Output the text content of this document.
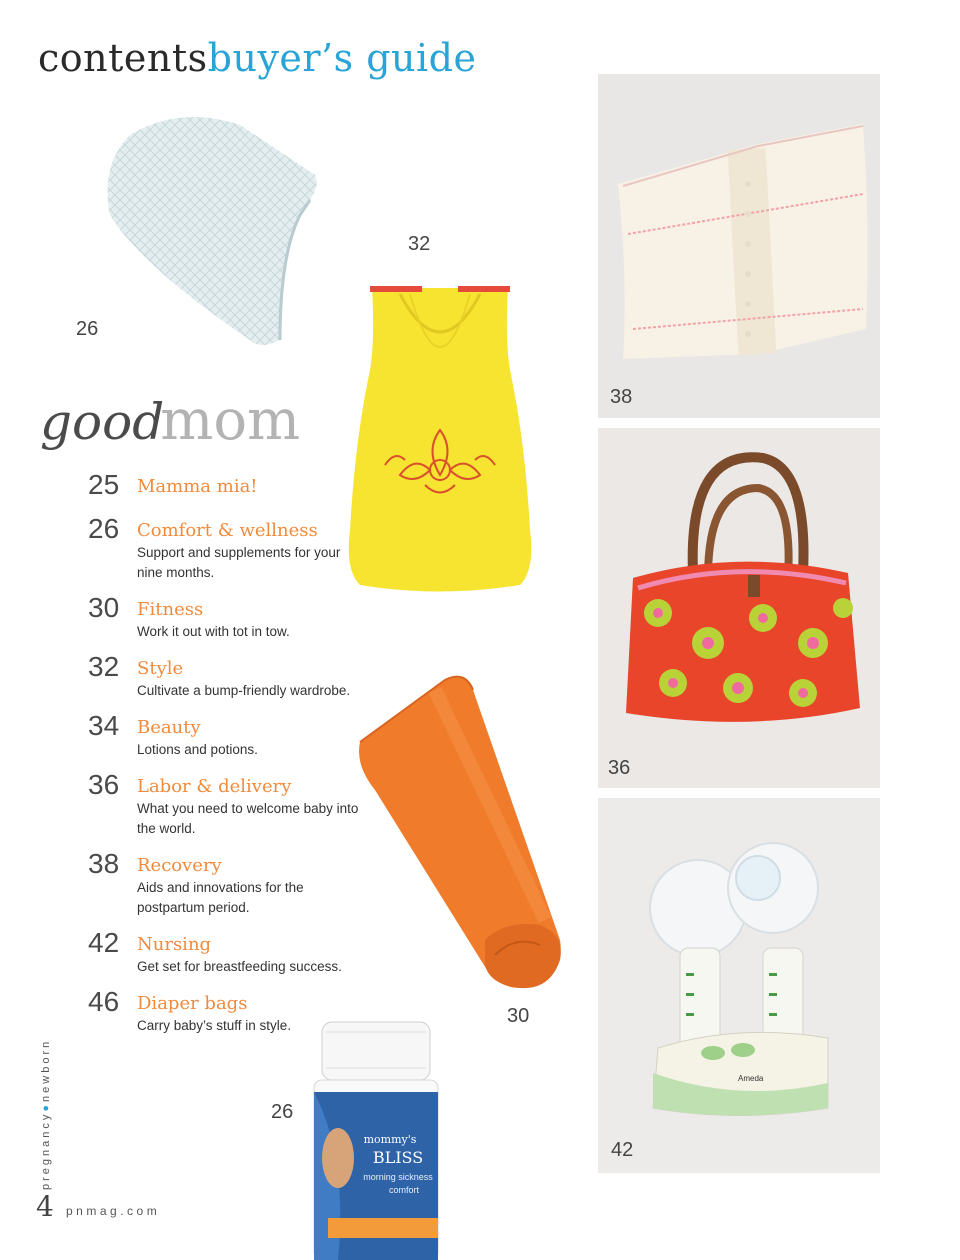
contentsbuyer’s guide
26
32
38
36
Ameda
42
30
26
mommy's
BLISS
morning sickness
comfort
goodmom
25 Mamma mia!
26 Comfort & wellness
Support and supplements for your nine months.
30 Fitness
Work it out with tot in tow.
32 Style
Cultivate a bump-friendly wardrobe.
34 Beauty
Lotions and potions.
36 Labor & delivery
What you need to welcome baby into the world.
38 Recovery
Aids and innovations for the postpartum period.
42 Nursing
Get set for breastfeeding success.
46 Diaper bags
Carry baby’s stuff in style.
pregnancy●newborn
4 pnmag.com
